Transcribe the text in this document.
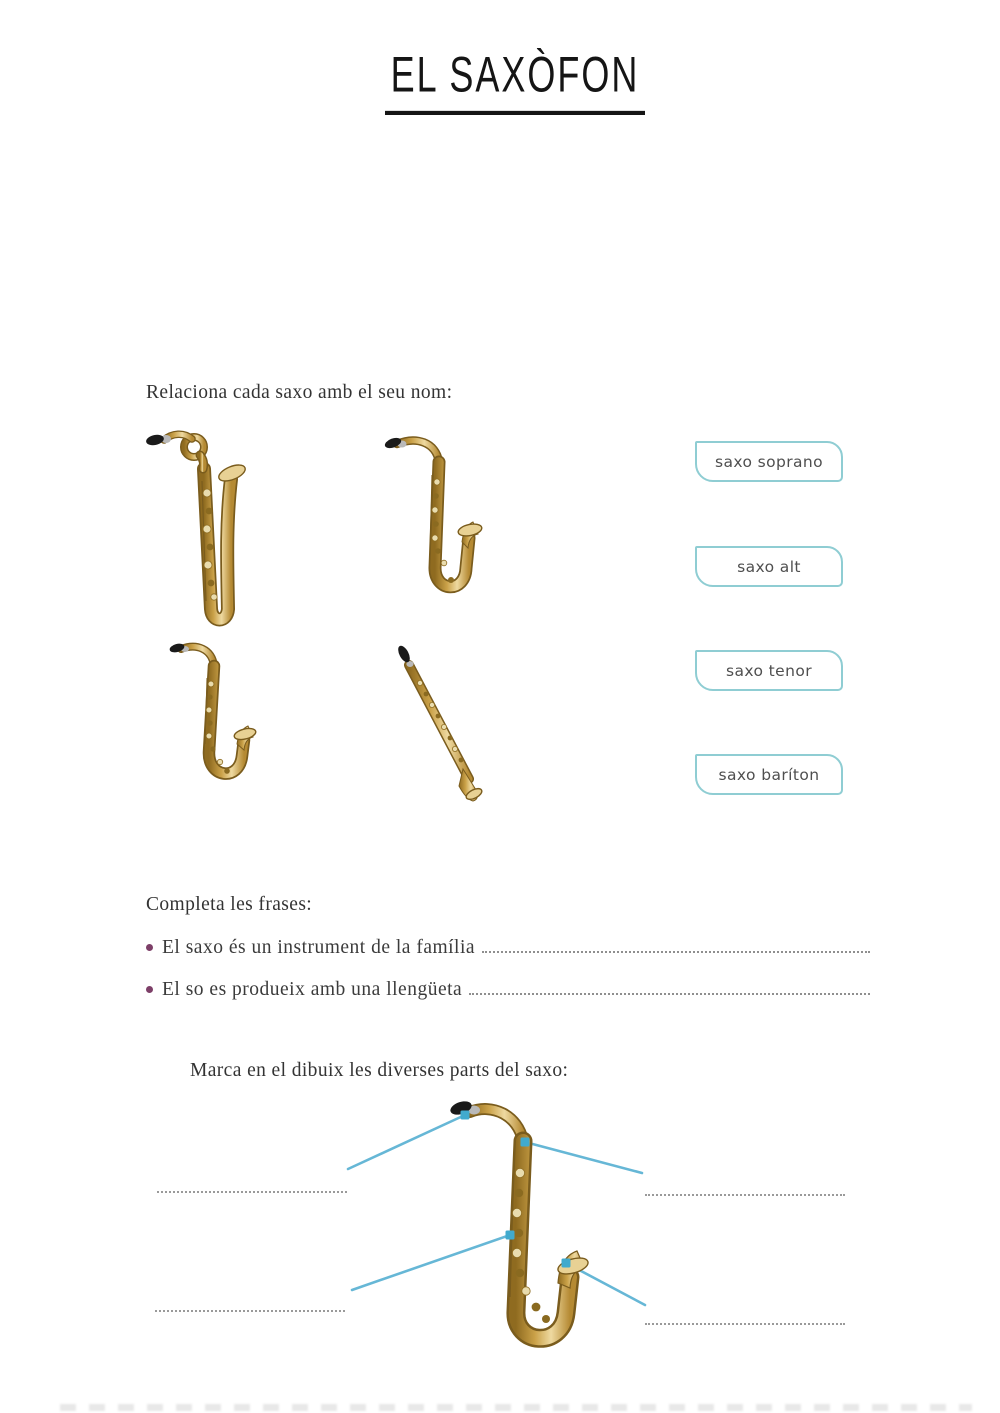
EL SAXÒFON
Relaciona cada saxo amb el seu nom:
saxo soprano
saxo alt
saxo tenor
saxo baríton
Completa les frases:
El saxo és un instrument de la família
El so es produeix amb una llengüeta
Marca en el dibuix les diverses parts del saxo:
